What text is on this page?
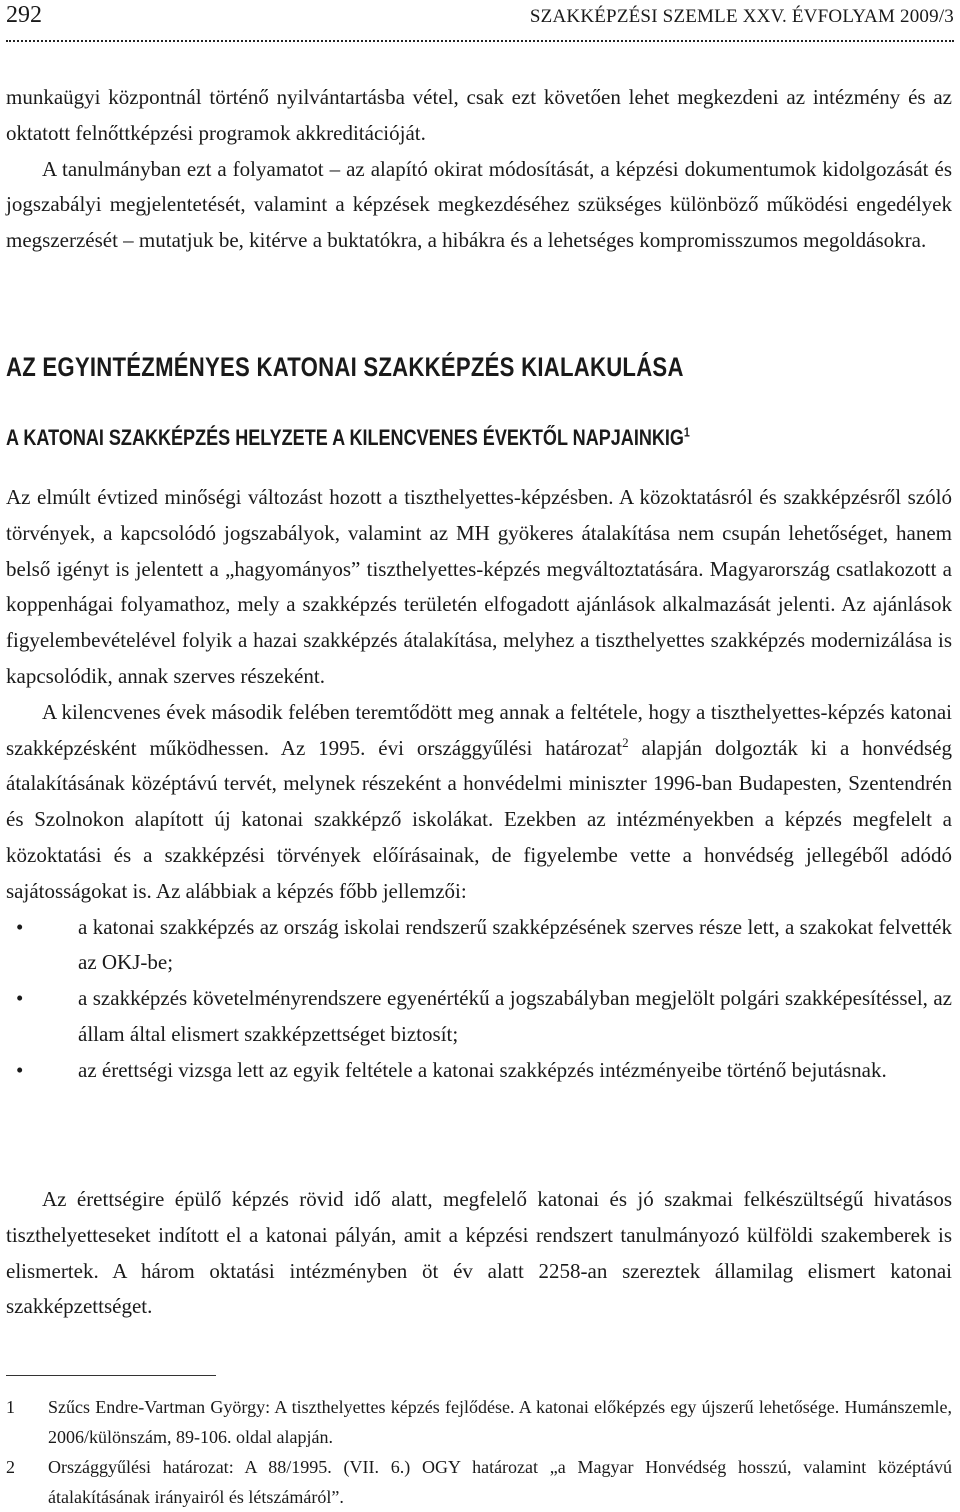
292	SZAKKÉPZÉSI SZEMLE XXV. ÉVFOLYAM 2009/3

munkaügyi központnál történő nyilvántartásba vétel, csak ezt követően lehet megkezdeni az intézmény és az oktatott felnőttképzési programok akkreditációját.

A tanulmányban ezt a folyamatot – az alapító okirat módosítását, a képzési dokumentumok kidolgozását és jogszabályi megjelentetését, valamint a képzések megkezdéséhez szükséges különböző működési engedélyek megszerzését – mutatjuk be, kitérve a buktatókra, a hibákra és a lehetséges kompromisszumos megoldásokra.

AZ EGYINTÉZMÉNYES KATONAI SZAKKÉPZÉS KIALAKULÁSA
A KATONAI SZAKKÉPZÉS HELYZETE A KILENCVENES ÉVEKTŐL NAPJAINKIG$^1$

Az elmúlt évtized minőségi változást hozott a tiszthelyettes-képzésben. A közoktatásról és szakképzésről szóló törvények, a kapcsolódó jogszabályok, valamint az MH gyökeres átalakítása nem csupán lehetőséget, hanem belső igényt is jelentett a „hagyományos” tiszthelyettes-képzés megváltoztatására. Magyarország csatlakozott a koppenhágai folyamathoz, mely a szakképzés területén elfogadott ajánlások alkalmazását jelenti. Az ajánlások figyelembevételével folyik a hazai szakképzés átalakítása, melyhez a tiszthelyettes szakképzés modernizálása is kapcsolódik, annak szerves részeként.

A kilencvenes évek második felében teremtődött meg annak a feltétele, hogy a tiszthelyettes-képzés katonai szakképzésként működhessen. Az 1995. évi országgyűlési határozat$^2$ alapján dolgozták ki a honvédség átalakításának középtávú tervét, melynek részeként a honvédelmi miniszter 1996-ban Budapesten, Szentendrén és Szolnokon alapított új katonai szakképző iskolákat. Ezekben az intézményekben a képzés megfelelt a közoktatási és a szakképzési törvények előírásainak, de figyelembe vette a honvédség jellegéből adódó sajátosságokat is. Az alábbiak a képzés főbb jellemzői:

•	a katonai szakképzés az ország iskolai rendszerű szakképzésének szerves része lett, a szakokat felvették az OKJ-be;
•	a szakképzés követelményrendszere egyenértékű a jogszabályban megjelölt polgári szakképesítéssel, az állam által elismert szakképzettséget biztosít;
•	az érettségi vizsga lett az egyik feltétele a katonai szakképzés intézményeibe történő bejutásnak.

Az érettségire épülő képzés rövid idő alatt, megfelelő katonai és jó szakmai felkészültségű hivatásos tiszthelyetteseket indított el a katonai pályán, amit a képzési rendszert tanulmányozó külföldi szakemberek is elismertek. A három oktatási intézményben öt év alatt 2258-an szereztek államilag elismert katonai szakképzettséget.

1 Szűcs Endre-Vartman György: A tiszthelyettes képzés fejlődése. A katonai előképzés egy újszerű lehetősége. Humánszemle, 2006/különszám, 89-106. oldal alapján.
2 Országgyűlési határozat: A 88/1995. (VII. 6.) OGY határozat „a Magyar Honvédség hosszú, valamint középtávú átalakításának irányairól és létszámáról”.
